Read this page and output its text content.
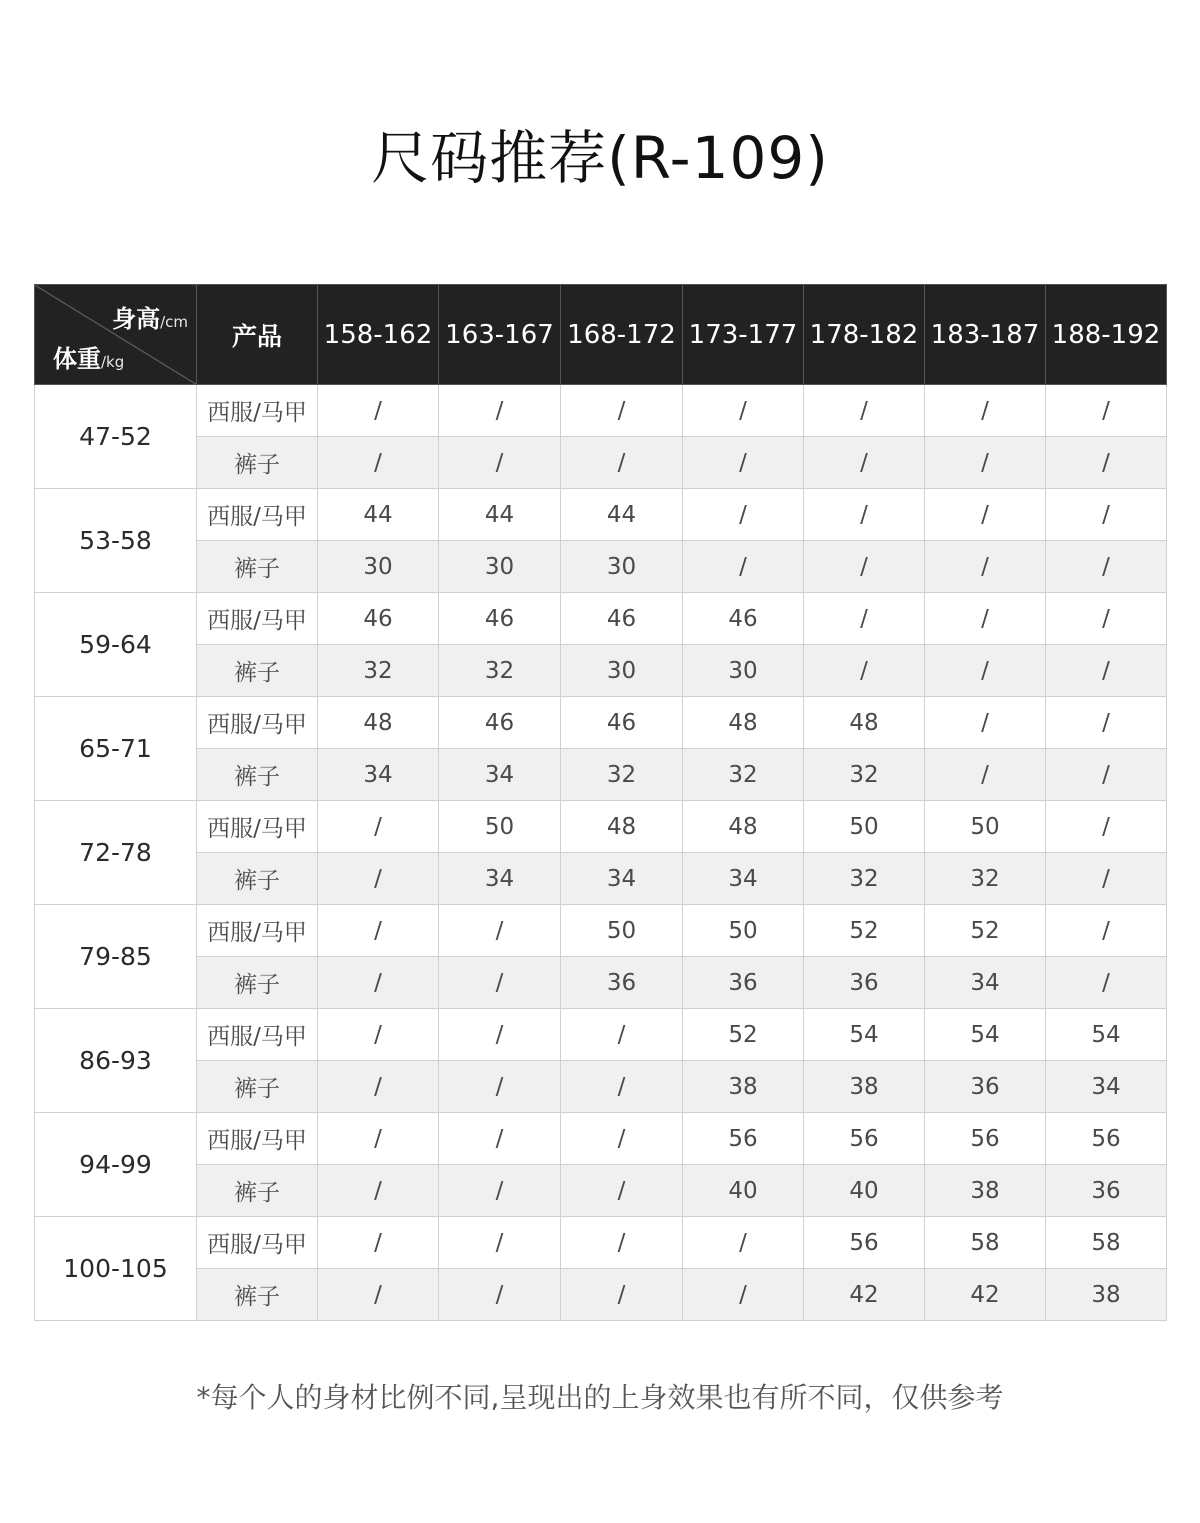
尺码推荐(R-109)
身高/cm
体重/kg	产品	158-162	163-167	168-172	173-177	178-182	183-187	188-192
47-52	西服/马甲	/	/	/	/	/	/	/
	裤子	/	/	/	/	/	/	/
53-58	西服/马甲	44	44	44	/	/	/	/
	裤子	30	30	30	/	/	/	/
59-64	西服/马甲	46	46	46	46	/	/	/
	裤子	32	32	30	30	/	/	/
65-71	西服/马甲	48	46	46	48	48	/	/
	裤子	34	34	32	32	32	/	/
72-78	西服/马甲	/	50	48	48	50	50	/
	裤子	/	34	34	34	32	32	/
79-85	西服/马甲	/	/	50	50	52	52	/
	裤子	/	/	36	36	36	34	/
86-93	西服/马甲	/	/	/	52	54	54	54
	裤子	/	/	/	38	38	36	34
94-99	西服/马甲	/	/	/	56	56	56	56
	裤子	/	/	/	40	40	38	36
100-105	西服/马甲	/	/	/	/	56	58	58
	裤子	/	/	/	/	42	42	38
*每个人的身材比例不同,呈现出的上身效果也有所不同，仅供参考
